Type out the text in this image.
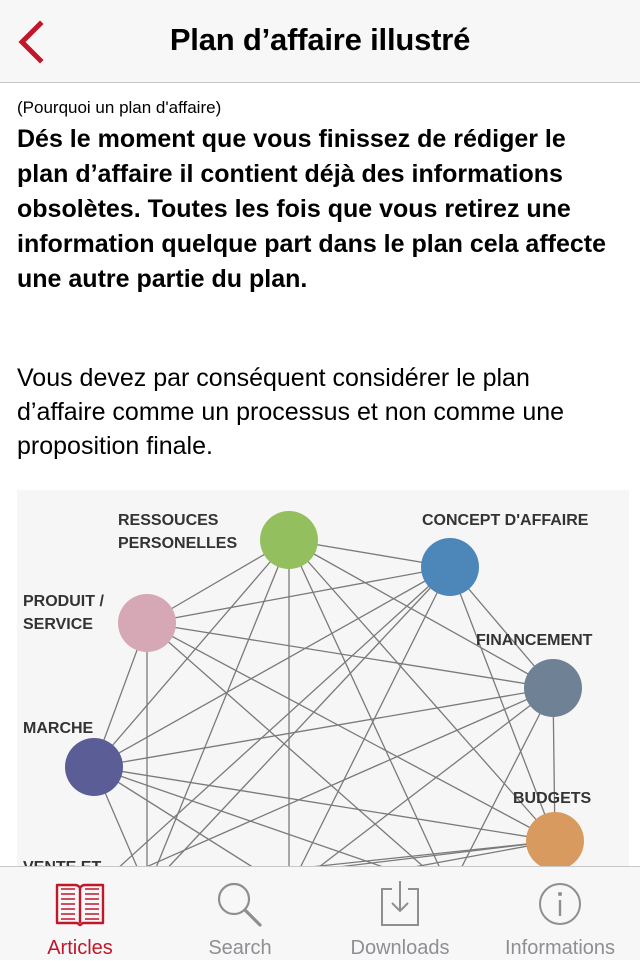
Plan d’affaire illustré
(Pourquoi un plan d'affaire)

Dés le moment que vous finissez de rédiger le plan d’affaire il contient déjà des informations obsolètes. Toutes les fois que vous retirez une information quelque part dans le plan cela affecte une autre partie du plan.

Vous devez par conséquent considérer le plan d’affaire comme un processus et non comme une proposition finale.

RESSOUCES
PERSONELLES
CONCEPT D'AFFAIRE
PRODUIT /
SERVICE
FINANCEMENT
MARCHE
BUDGETS
Articles	Search	Downloads	Informations
